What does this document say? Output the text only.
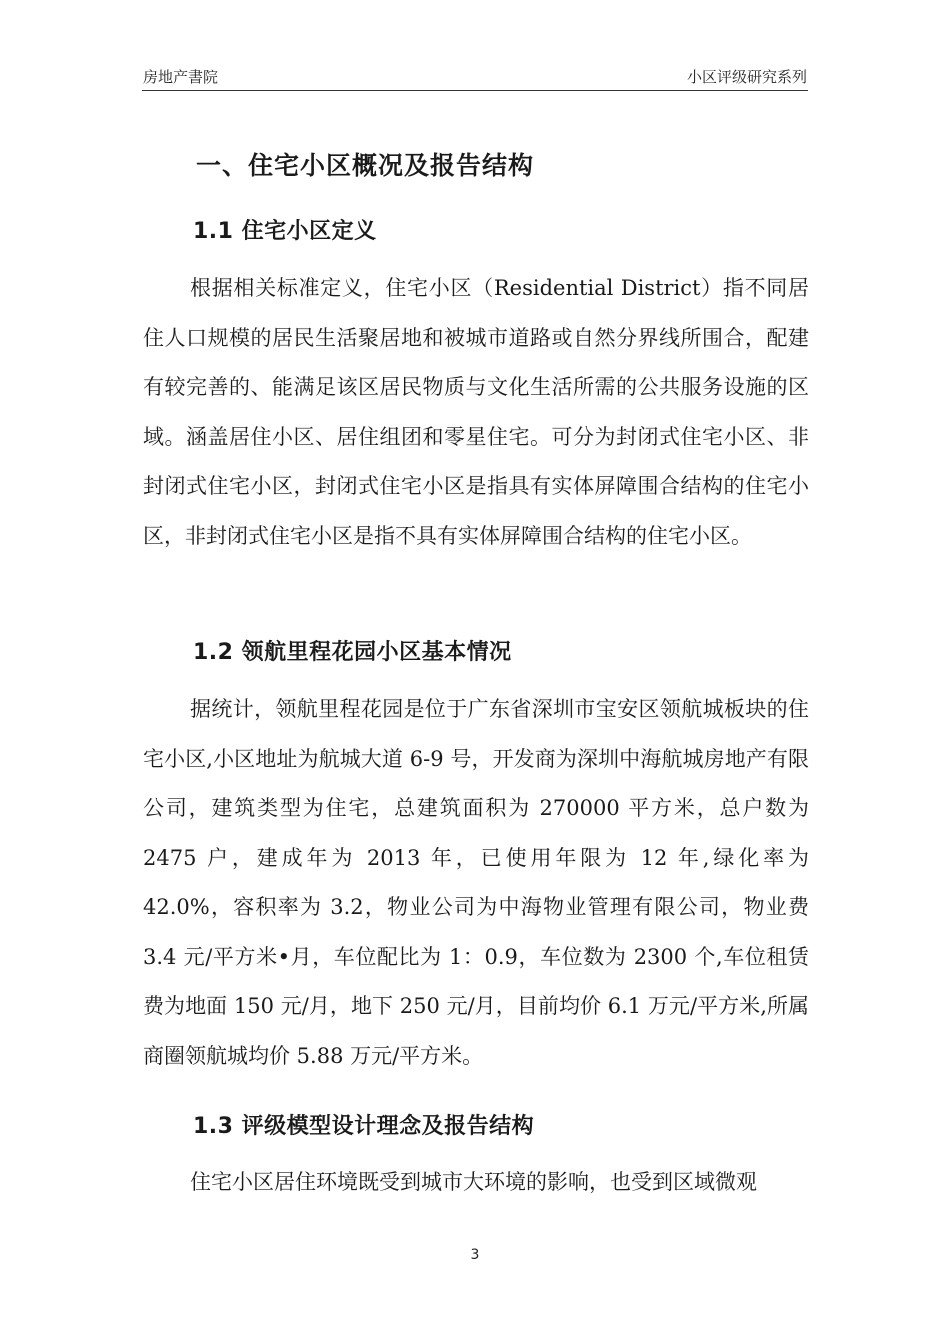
房地产書院	小区评级研究系列
一、住宅小区概况及报告结构
1.1 住宅小区定义

根据相关标准定义，住宅小区（Residential District）指不同居住人口规模的居民生活聚居地和被城市道路或自然分界线所围合，配建有较完善的、能满足该区居民物质与文化生活所需的公共服务设施的区域。涵盖居住小区、居住组团和零星住宅。可分为封闭式住宅小区、非封闭式住宅小区，封闭式住宅小区是指具有实体屏障围合结构的住宅小区，非封闭式住宅小区是指不具有实体屏障围合结构的住宅小区。

1.2 领航里程花园小区基本情况

据统计，领航里程花园是位于广东省深圳市宝安区领航城板块的住宅小区,小区地址为航城大道 6-9 号，开发商为深圳中海航城房地产有限公司，建筑类型为住宅，总建筑面积为 270000 平方米，总户数为 2475 户，建成年为 2013 年，已使用年限为 12 年,绿化率为 42.0%，容积率为 3.2，物业公司为中海物业管理有限公司，物业费 3.4 元/平方米•月，车位配比为 1：0.9，车位数为 2300 个,车位租赁费为地面 150 元/月，地下 250 元/月，目前均价 6.1 万元/平方米,所属商圈领航城均价 5.88 万元/平方米。

1.3 评级模型设计理念及报告结构

住宅小区居住环境既受到城市大环境的影响，也受到区域微观

3
